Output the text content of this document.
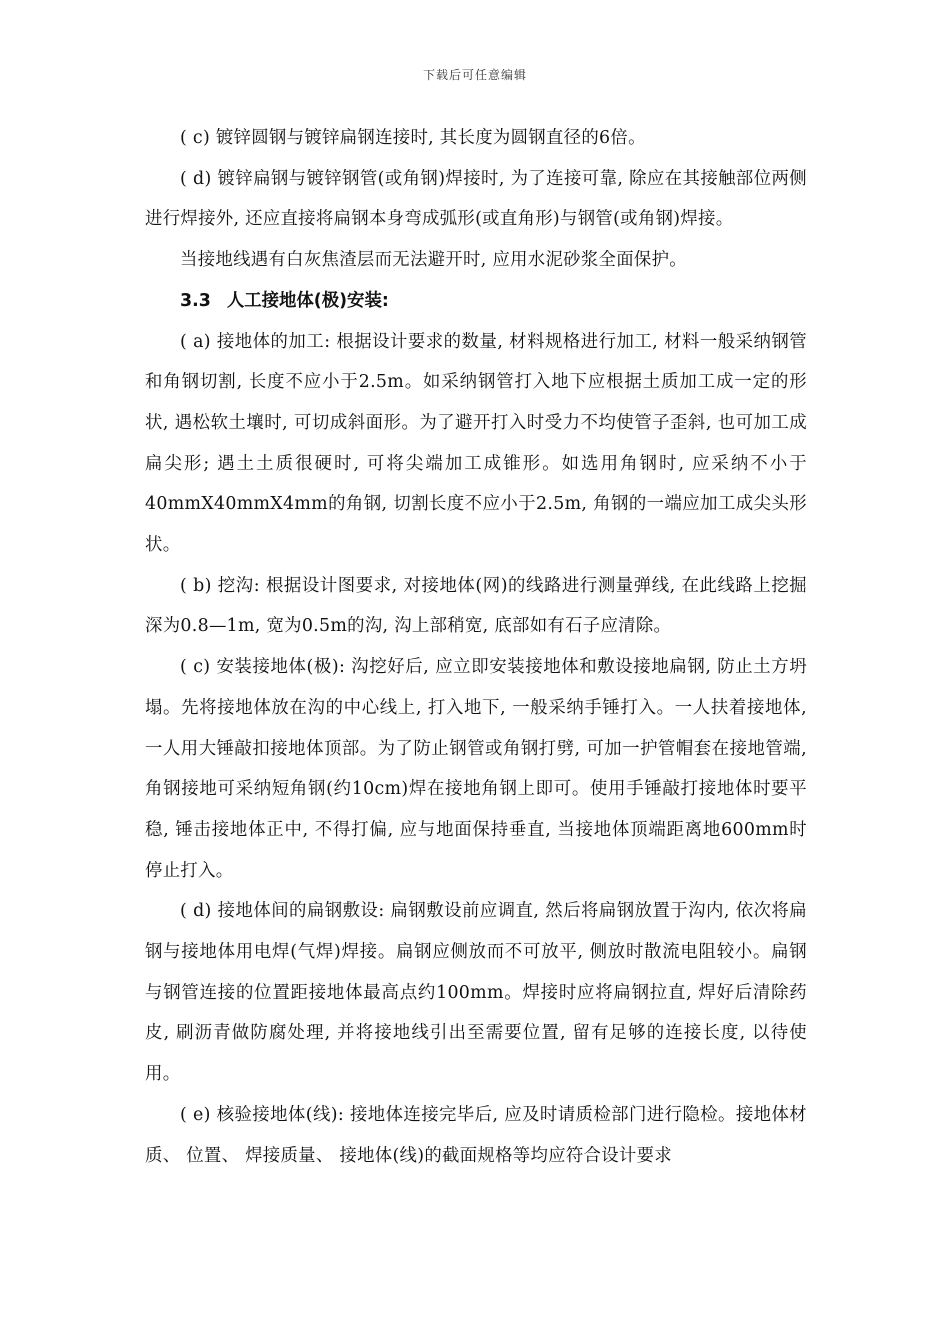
下载后可任意编辑

( c) 镀锌圆钢与镀锌扁钢连接时, 其长度为圆钢直径的6倍。

( d) 镀锌扁钢与镀锌钢管(或角钢)焊接时, 为了连接可靠, 除应在其接触部位两侧进行焊接外, 还应直接将扁钢本身弯成弧形(或直角形)与钢管(或角钢)焊接。

当接地线遇有白灰焦渣层而无法避开时, 应用水泥砂浆全面保护。

3.3 人工接地体(极)安装:

( a) 接地体的加工: 根据设计要求的数量, 材料规格进行加工, 材料一般采纳钢管和角钢切割, 长度不应小于2.5m。如采纳钢管打入地下应根据土质加工成一定的形状, 遇松软土壤时, 可切成斜面形。为了避开打入时受力不均使管子歪斜, 也可加工成扁尖形; 遇土土质很硬时, 可将尖端加工成锥形。如选用角钢时, 应采纳不小于40mmX40mmX4mm的角钢, 切割长度不应小于2.5m, 角钢的一端应加工成尖头形状。

( b) 挖沟: 根据设计图要求, 对接地体(网)的线路进行测量弹线, 在此线路上挖掘深为0.8—1m, 宽为0.5m的沟, 沟上部稍宽, 底部如有石子应清除。

( c) 安装接地体(极): 沟挖好后, 应立即安装接地体和敷设接地扁钢, 防止土方坍塌。先将接地体放在沟的中心线上, 打入地下, 一般采纳手锤打入。一人扶着接地体, 一人用大锤敲扣接地体顶部。为了防止钢管或角钢打劈, 可加一护管帽套在接地管端, 角钢接地可采纳短角钢(约10cm)焊在接地角钢上即可。使用手锤敲打接地体时要平稳, 锤击接地体正中, 不得打偏, 应与地面保持垂直, 当接地体顶端距离地600mm时停止打入。

( d) 接地体间的扁钢敷设: 扁钢敷设前应调直, 然后将扁钢放置于沟内, 依次将扁钢与接地体用电焊(气焊)焊接。扁钢应侧放而不可放平, 侧放时散流电阻较小。扁钢与钢管连接的位置距接地体最高点约100mm。焊接时应将扁钢拉直, 焊好后清除药皮, 刷沥青做防腐处理, 并将接地线引出至需要位置, 留有足够的连接长度, 以待使用。

( e) 核验接地体(线): 接地体连接完毕后, 应及时请质检部门进行隐检。接地体材质、 位置、 焊接质量、 接地体(线)的截面规格等均应符合设计要求
